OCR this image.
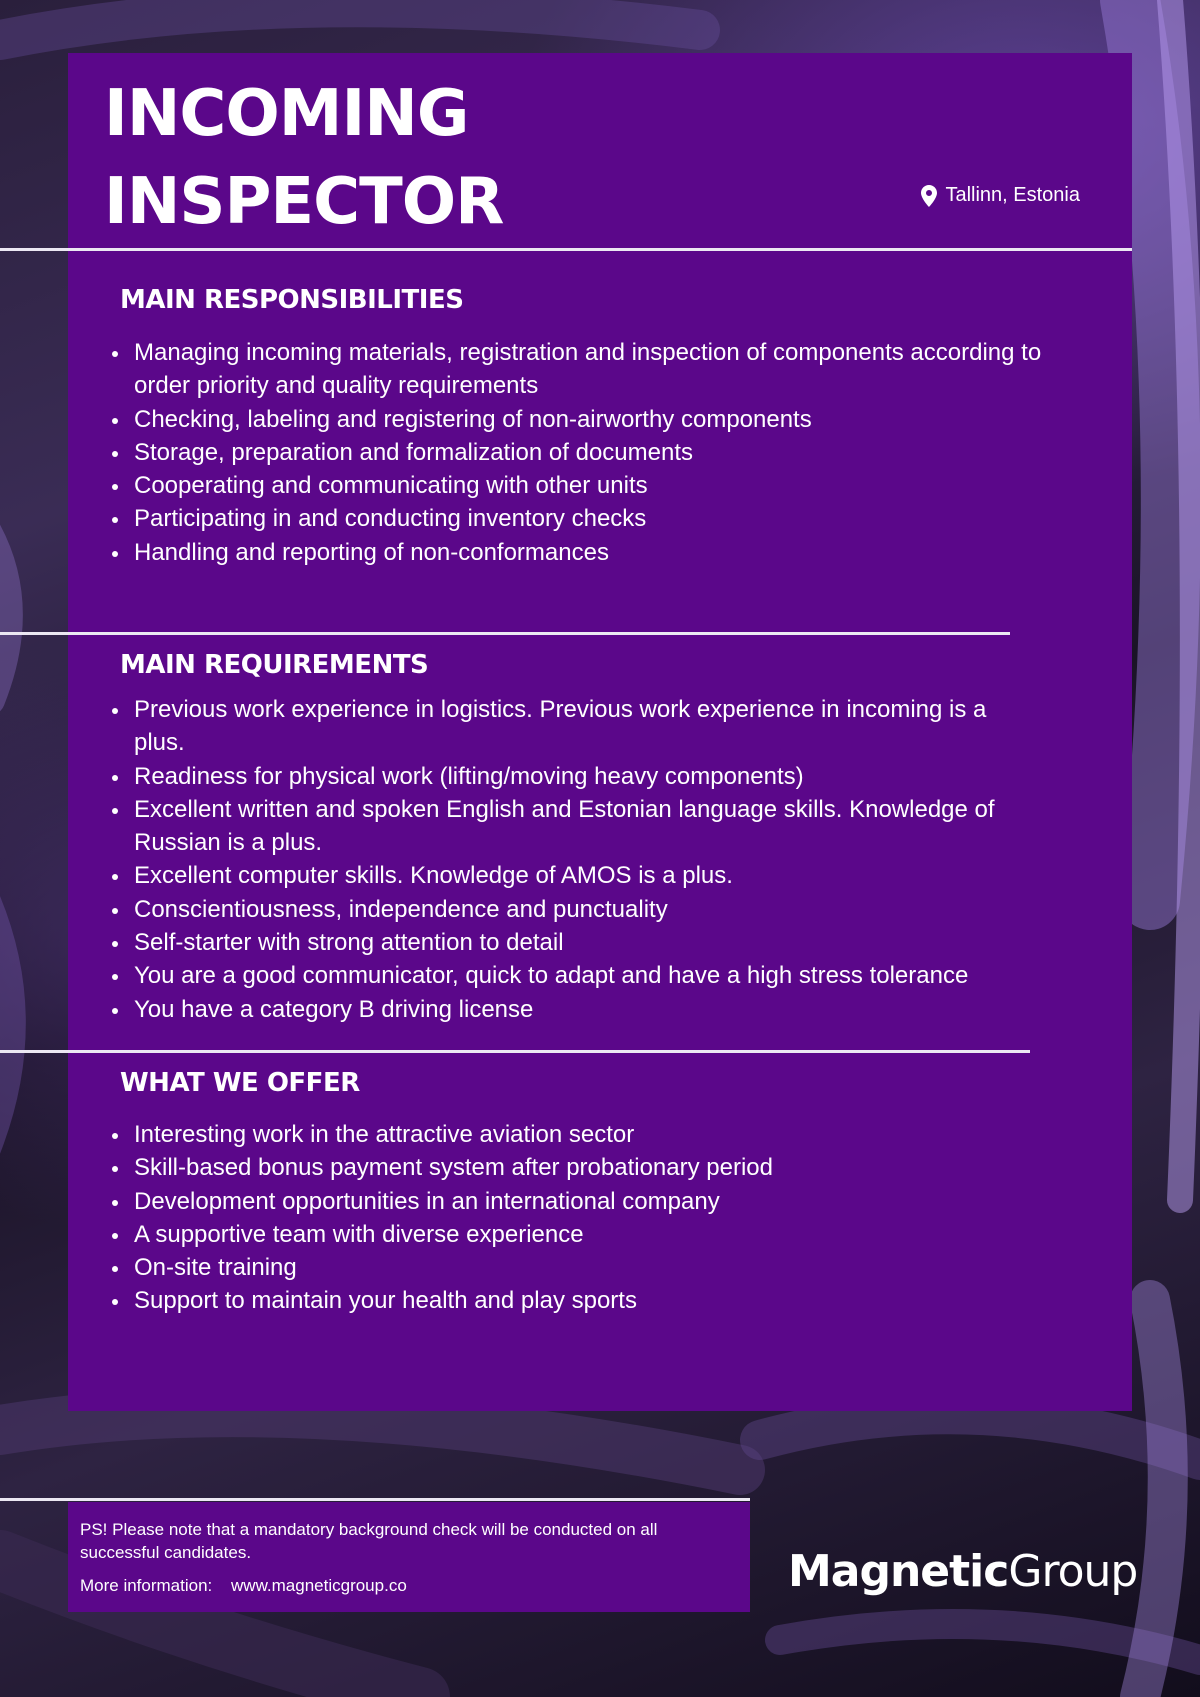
INCOMING
INSPECTOR	Tallinn, Estonia
MAIN RESPONSIBILITIES
Managing incoming materials, registration and inspection of components according to order priority and quality requirements
Checking, labeling and registering of non-airworthy components
Storage, preparation and formalization of documents
Cooperating and communicating with other units
Participating in and conducting inventory checks
Handling and reporting of non-conformances
MAIN REQUIREMENTS
Previous work experience in logistics. Previous work experience in incoming is a plus.
Readiness for physical work (lifting/moving heavy components)
Excellent written and spoken English and Estonian language skills. Knowledge of Russian is a plus.
Excellent computer skills. Knowledge of AMOS is a plus.
Conscientiousness, independence and punctuality
Self-starter with strong attention to detail
You are a good communicator, quick to adapt and have a high stress tolerance
You have a category B driving license
WHAT WE OFFER
Interesting work in the attractive aviation sector
Skill-based bonus payment system after probationary period
Development opportunities in an international company
A supportive team with diverse experience
On-site training
Support to maintain your health and play sports

PS! Please note that a mandatory background check will be conducted on all successful candidates.

More information: www.magneticgroup.co	MagneticGroup
